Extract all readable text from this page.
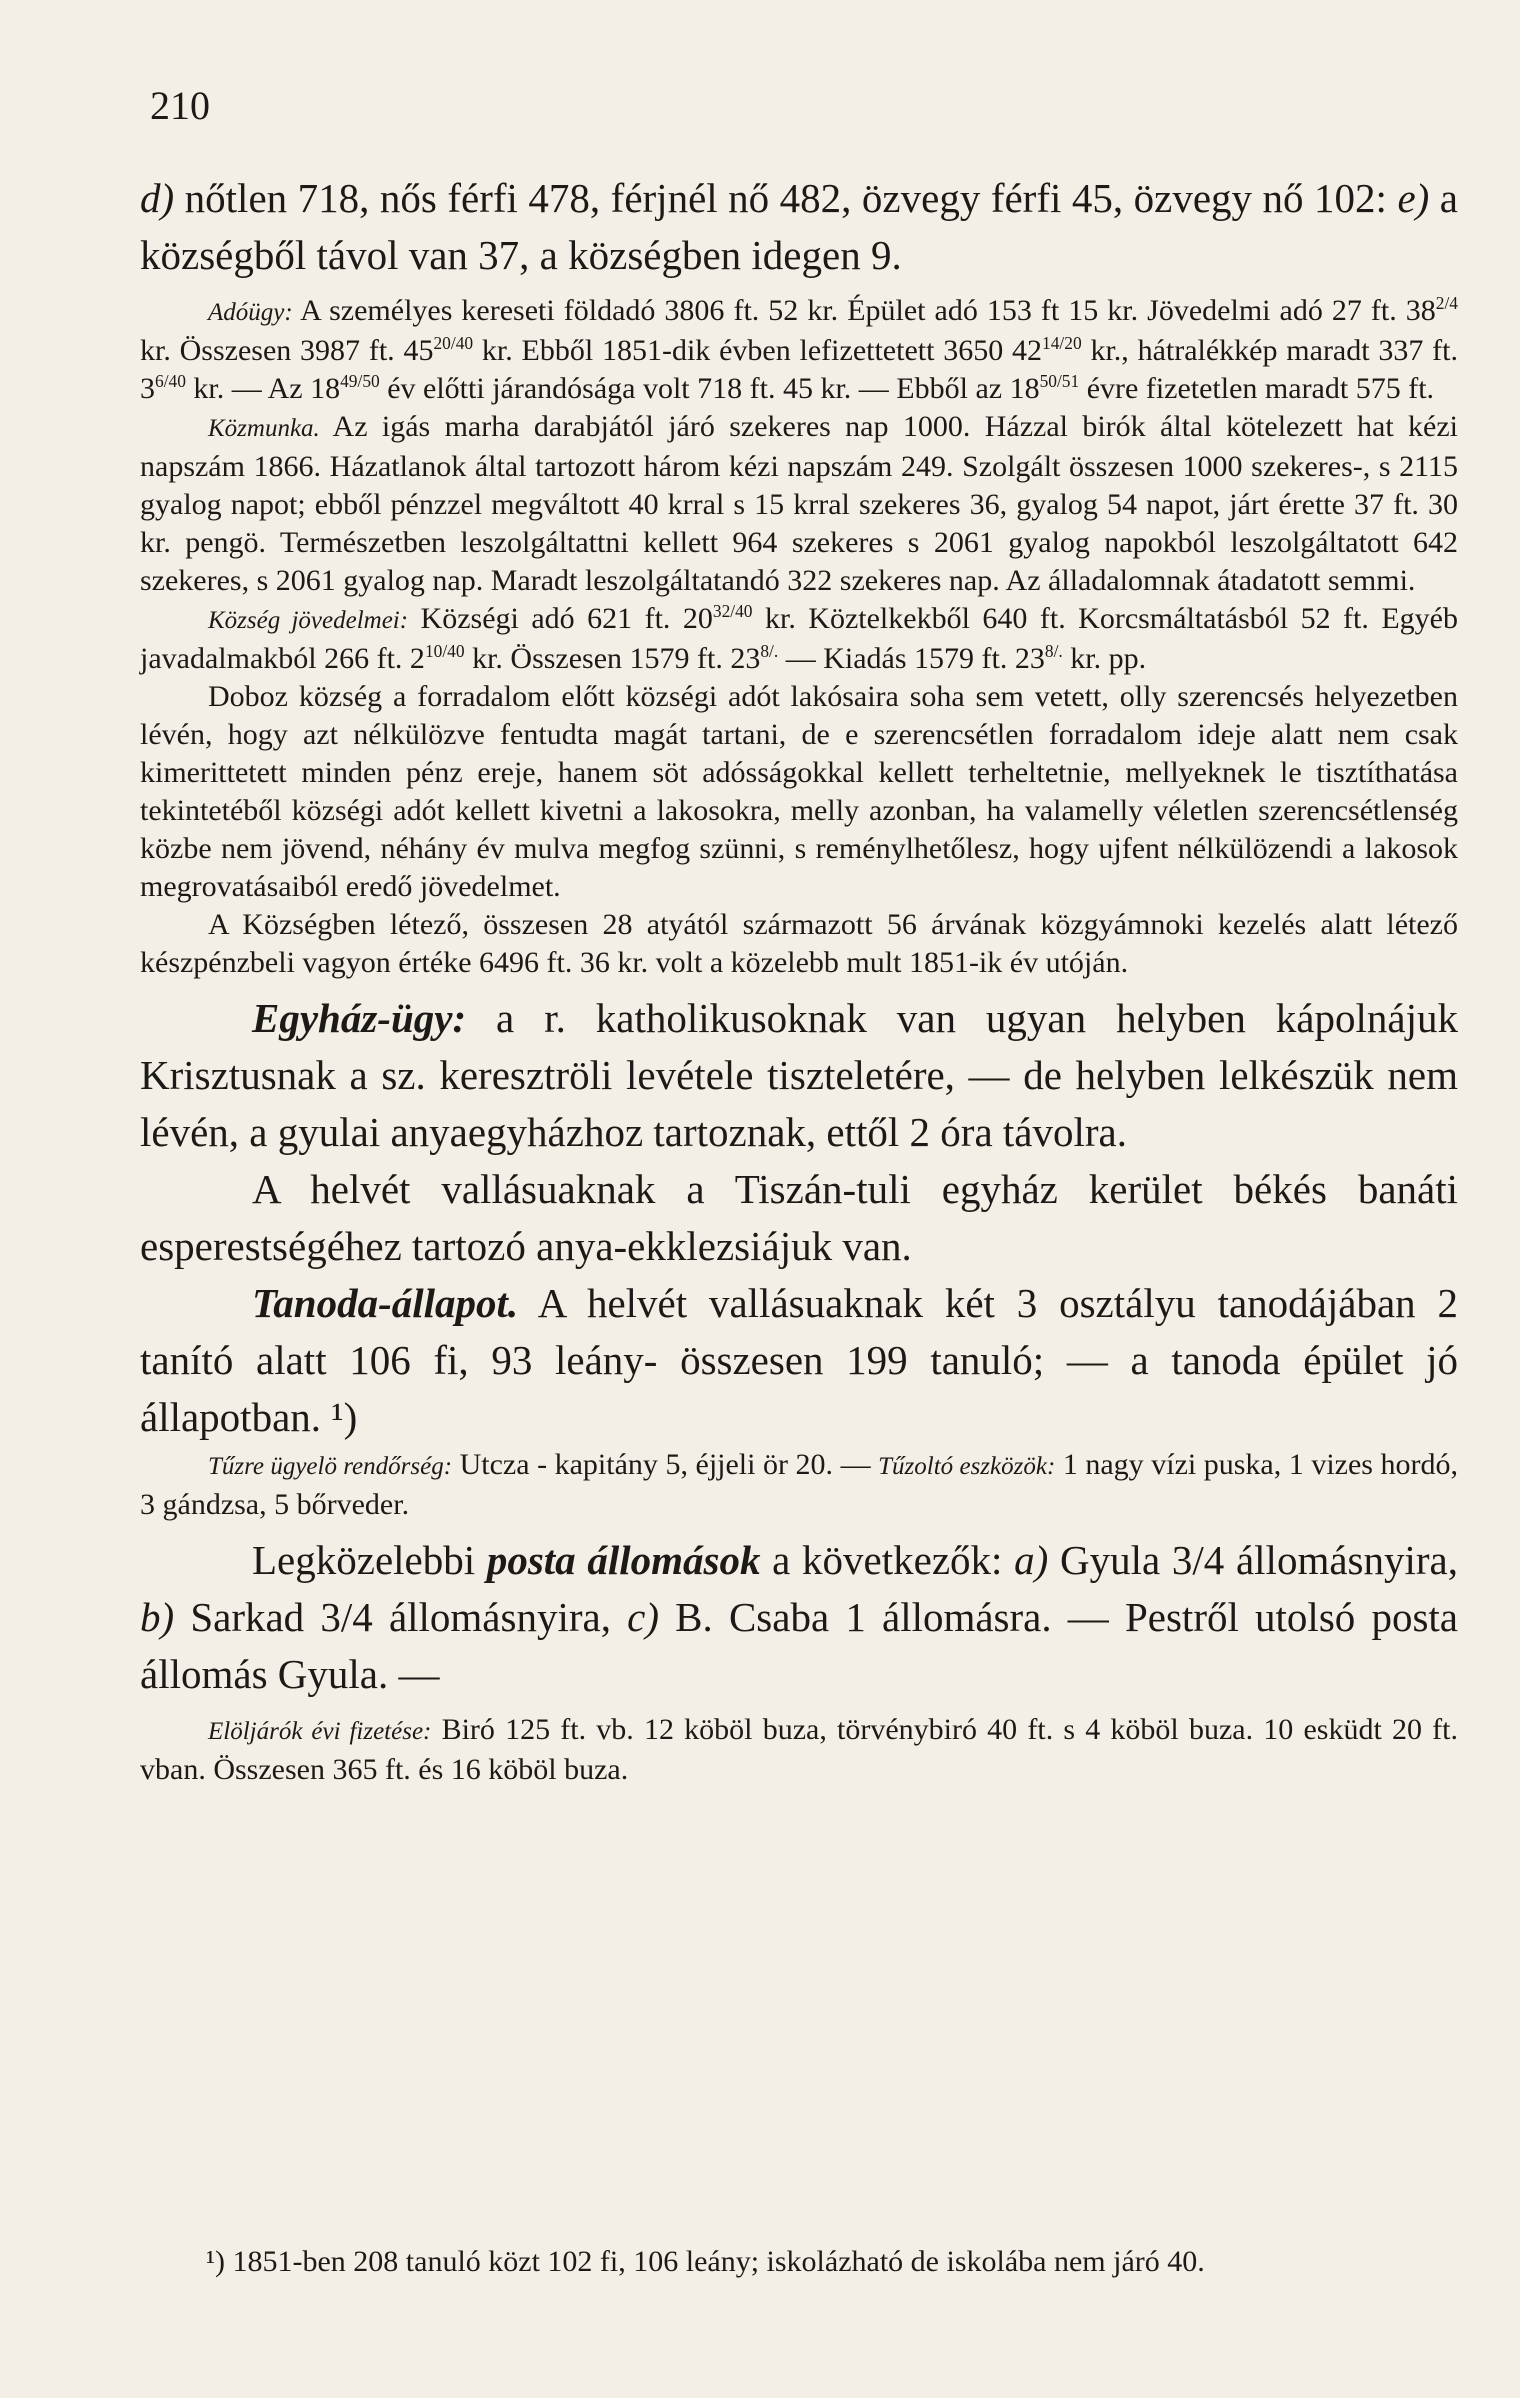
210

d) nőtlen 718, nős férfi 478, férjnél nő 482, özvegy férfi 45, özvegy nő 102: e) a községből távol van 37, a községben idegen 9.

Adóügy: A személyes kereseti földadó 3806 ft. 52 kr. Épület adó 153 ft 15 kr. Jövedelmi adó 27 ft. $38^{2/4}$ kr. Összesen 3987 ft. $45^{20/40}$ kr. Ebből 1851-dik évben lefizettetett 3650 $42^{14/20}$ kr., hátralékkép maradt 337 ft. $3^{6/40}$ kr. — Az $18^{49/50}$ év előtti járandósága volt 718 ft. 45 kr. — Ebből az $18^{50/51}$ évre fizetetlen maradt 575 ft.

Közmunka. Az igás marha darabjától járó szekeres nap 1000. Házzal birók által kötelezett hat kézi napszám 1866. Házatlanok által tartozott három kézi napszám 249. Szolgált összesen 1000 szekeres-, s 2115 gyalog napot; ebből pénzzel megváltott 40 krral s 15 krral szekeres 36, gyalog 54 napot, járt érette 37 ft. 30 kr. pengö. Természetben leszolgáltattni kellett 964 szekeres s 2061 gyalog napokból leszolgáltatott 642 szekeres, s 2061 gyalog nap. Maradt leszolgáltatandó 322 szekeres nap. Az álladalomnak átadatott semmi.

Község jövedelmei: Községi adó 621 ft. $20^{32/40}$ kr. Köztelkekből 640 ft. Korcsmáltatásból 52 ft. Egyéb javadalmakból 266 ft. $2^{10/40}$ kr. Összesen 1579 ft. $23^{8/.}$ — Kiadás 1579 ft. $23^{8/.}$ kr. pp.

Doboz község a forradalom előtt községi adót lakósaira soha sem vetett, olly szerencsés helyezetben lévén, hogy azt nélkülözve fentudta magát tartani, de e szerencsétlen forradalom ideje alatt nem csak kimerittetett minden pénz ereje, hanem söt adósságokkal kellett terheltetnie, mellyeknek le tisztíthatása tekintetéből községi adót kellett kivetni a lakosokra, melly azonban, ha valamelly véletlen szerencsétlenség közbe nem jövend, néhány év mulva megfog szünni, s reménylhetőlesz, hogy ujfent nélkülözendi a lakosok megrovatásaiból eredő jövedelmet.

A Községben létező, összesen 28 atyától származott 56 árvának közgyámnoki kezelés alatt létező készpénzbeli vagyon értéke 6496 ft. 36 kr. volt a közelebb mult 1851-ik év utóján.

Egyház-ügy: a r. katholikusoknak van ugyan helyben kápolnájuk Krisztusnak a sz. keresztröli levétele tiszteletére, — de helyben lelkészük nem lévén, a gyulai anyaegyházhoz tartoznak, ettől 2 óra távolra.

A helvét vallásuaknak a Tiszán-tuli egyház kerület békés banáti esperestségéhez tartozó anya-ekklezsiájuk van.

Tanoda-állapot. A helvét vallásuaknak két 3 osztályu tanodájában 2 tanító alatt 106 fi, 93 leány- összesen 199 tanuló; — a tanoda épület jó állapotban. ¹)

Tűzre ügyelö rendőrség: Utcza - kapitány 5, éjjeli ör 20. — Tűzoltó eszközök: 1 nagy vízi puska, 1 vizes hordó, 3 gándzsa, 5 bőrveder.

Legközelebbi posta állomások a következők: a) Gyula 3/4 állomásnyira, b) Sarkad 3/4 állomásnyira, c) B. Csaba 1 állomásra. — Pestről utolsó posta állomás Gyula. —

Elöljárók évi fizetése: Biró 125 ft. vb. 12 köböl buza, törvénybiró 40 ft. s 4 köböl buza. 10 esküdt 20 ft. vban. Összesen 365 ft. és 16 köböl buza.

¹) 1851-ben 208 tanuló közt 102 fi, 106 leány; iskolázható de iskolába nem járó 40.
